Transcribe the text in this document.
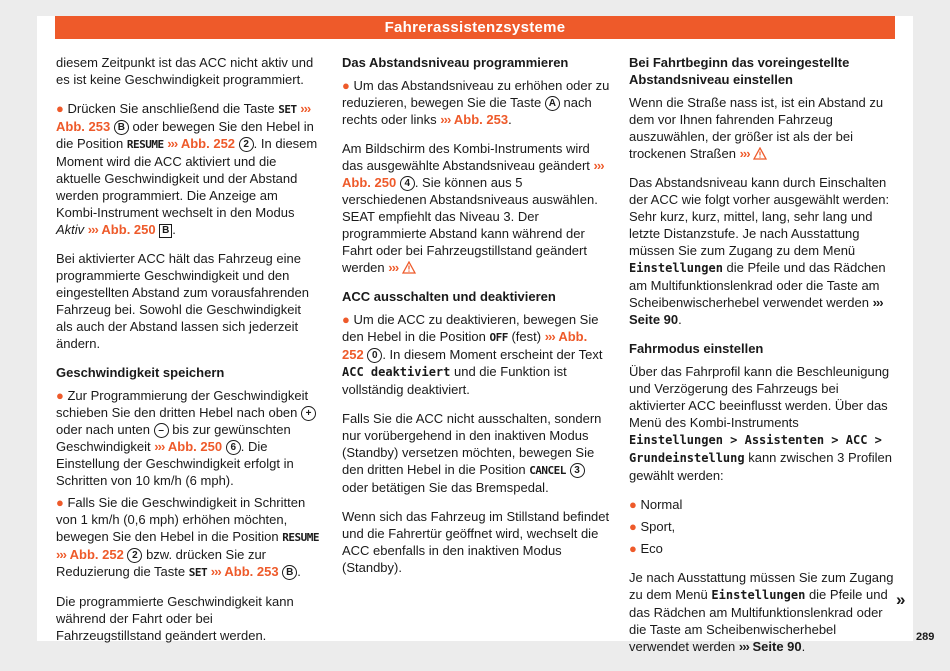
Fahrerassistenzsysteme

diesem Zeitpunkt ist das ACC nicht aktiv und es ist keine Geschwindigkeit programmiert.

● Drücken Sie anschließend die Taste SET ››› Abb. 253 B oder bewegen Sie den Hebel in die Position RESUME ››› Abb. 252 2 . In diesem Moment wird die ACC aktiviert und die aktuelle Geschwindigkeit und der Abstand werden programmiert. Die Anzeige am Kombi-Instrument wechselt in den Modus Aktiv ››› Abb. 250 B .

Bei aktivierter ACC hält das Fahrzeug eine programmierte Geschwindigkeit und den eingestellten Abstand zum vorausfahrenden Fahrzeug bei. Sowohl die Geschwindigkeit als auch der Abstand lassen sich jederzeit ändern.

Geschwindigkeit speichern

● Zur Programmierung der Geschwindigkeit schieben Sie den dritten Hebel nach oben + oder nach unten – bis zur gewünschten Geschwindigkeit ››› Abb. 250 6 . Die Einstellung der Geschwindigkeit erfolgt in Schritten von 10 km/h (6 mph).

● Falls Sie die Geschwindigkeit in Schritten von 1 km/h (0,6 mph) erhöhen möchten, bewegen Sie den Hebel in die Position RESUME ››› Abb. 252 2 bzw. drücken Sie zur Reduzierung die Taste SET ››› Abb. 253 B .

Die programmierte Geschwindigkeit kann während der Fahrt oder bei Fahrzeugstillstand geändert werden.

Das Abstandsniveau programmieren

● Um das Abstandsniveau zu erhöhen oder zu reduzieren, bewegen Sie die Taste A nach rechts oder links ››› Abb. 253.

Am Bildschirm des Kombi-Instruments wird das ausgewählte Abstandsniveau geändert ››› Abb. 250 4 . Sie können aus 5 verschiedenen Abstandsniveaus auswählen. SEAT empfiehlt das Niveau 3. Der programmierte Abstand kann während der Fahrt oder bei Fahrzeugstillstand geändert werden ›››

ACC ausschalten und deaktivieren

● Um die ACC zu deaktivieren, bewegen Sie den Hebel in die Position OFF (fest) ››› Abb. 252 0 . In diesem Moment erscheint der Text ACC deaktiviert und die Funktion ist vollständig deaktiviert.

Falls Sie die ACC nicht ausschalten, sondern nur vorübergehend in den inaktiven Modus (Standby) versetzen möchten, bewegen Sie den dritten Hebel in die Position CANCEL 3 oder betätigen Sie das Bremspedal.

Wenn sich das Fahrzeug im Stillstand befindet und die Fahrertür geöffnet wird, wechselt die ACC ebenfalls in den inaktiven Modus (Standby).

Bei Fahrtbeginn das voreingestellte Abstandsniveau einstellen

Wenn die Straße nass ist, ist ein Abstand zu dem vor Ihnen fahrenden Fahrzeug auszuwählen, der größer ist als der bei trockenen Straßen ›››

Das Abstandsniveau kann durch Einschalten der ACC wie folgt vorher ausgewählt werden: Sehr kurz, kurz, mittel, lang, sehr lang und letzte Distanzstufe. Je nach Ausstattung müssen Sie zum Zugang zu dem Menü Einstellungen die Pfeile und das Rädchen am Multifunktionslenkrad oder die Taste am Scheibenwischerhebel verwendet werden ››› Seite 90.

Fahrmodus einstellen

Über das Fahrprofil kann die Beschleunigung und Verzögerung des Fahrzeugs bei aktivierter ACC beeinflusst werden. Über das Menü des Kombi-Instruments Einstellungen > Assistenten > ACC > Grundeinstellung kann zwischen 3 Profilen gewählt werden:

● Normal
● Sport,
● Eco

Je nach Ausstattung müssen Sie zum Zugang zu dem Menü Einstellungen die Pfeile und das Rädchen am Multifunktionslenkrad oder die Taste am Scheibenwischerhebel verwendet werden ››› Seite 90.

»
289
